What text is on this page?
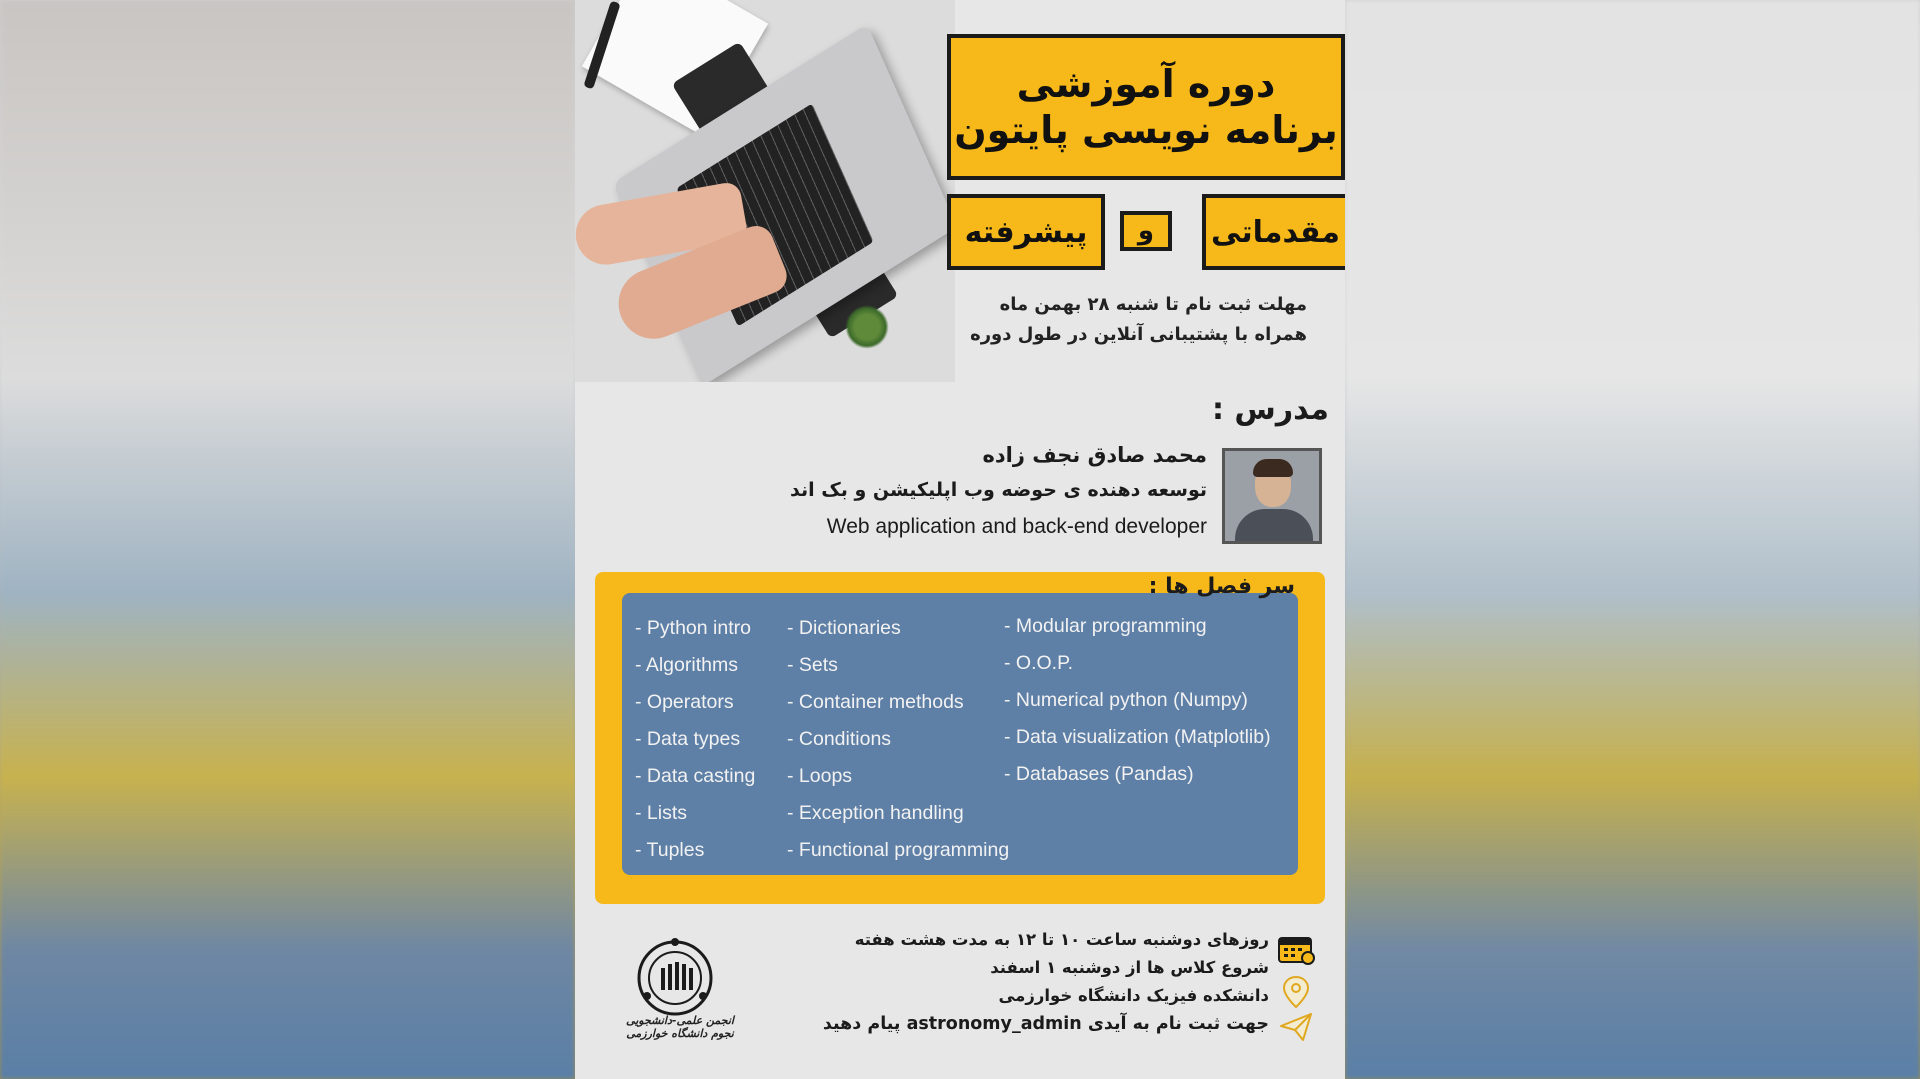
دوره آموزشی
برنامه نویسی پایتون
مقدماتی
و
پیشرفته
مهلت ثبت نام تا شنبه ۲۸ بهمن ماه
همراه با پشتیبانی آنلاین در طول دوره
مدرس :
محمد صادق نجف زاده
توسعه دهنده ی حوضه وب اپلیکیشن و بک اند
Web application and back-end developer
سر فصل ها :
- Python intro
- Algorithms
- Operators
- Data types
- Data casting
- Lists
- Tuples
- Dictionaries
- Sets
- Container methods
- Conditions
- Loops
- Exception handling
- Functional programming
- Modular programming
- O.O.P.
- Numerical python (Numpy)
- Data visualization (Matplotlib)
- Databases (Pandas)
روزهای دوشنبه ساعت ۱۰ تا ۱۲ به مدت هشت هفته
شروع کلاس ها از دوشنبه ۱ اسفند
دانشکده فیزیک دانشگاه خوارزمی
جهت ثبت نام به آیدی astronomy_admin پیام دهید
انجمن علمی-دانشجویی نجوم دانشگاه خوارزمی
